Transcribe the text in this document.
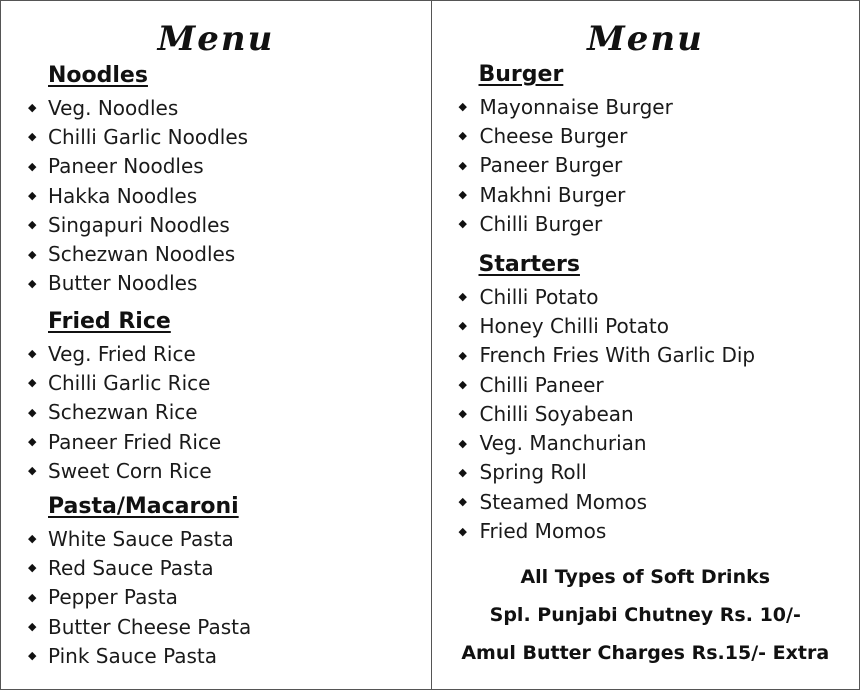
Menu
Noodles
◆ Veg. Noodles
◆ Chilli Garlic Noodles
◆ Paneer Noodles
◆ Hakka Noodles
◆ Singapuri Noodles
◆ Schezwan Noodles
◆ Butter Noodles
Fried Rice
◆ Veg. Fried Rice
◆ Chilli Garlic Rice
◆ Schezwan Rice
◆ Paneer Fried Rice
◆ Sweet Corn Rice
Pasta/Macaroni
◆ White Sauce Pasta
◆ Red Sauce Pasta
◆ Pepper Pasta
◆ Butter Cheese Pasta
◆ Pink Sauce Pasta
Menu
Burger
◆ Mayonnaise Burger
◆ Cheese Burger
◆ Paneer Burger
◆ Makhni Burger
◆ Chilli Burger
Starters
◆ Chilli Potato
◆ Honey Chilli Potato
◆ French Fries With Garlic Dip
◆ Chilli Paneer
◆ Chilli Soyabean
◆ Veg. Manchurian
◆ Spring Roll
◆ Steamed Momos
◆ Fried Momos
All Types of Soft Drinks
Spl. Punjabi Chutney Rs. 10/-
Amul Butter Charges Rs.15/- Extra
